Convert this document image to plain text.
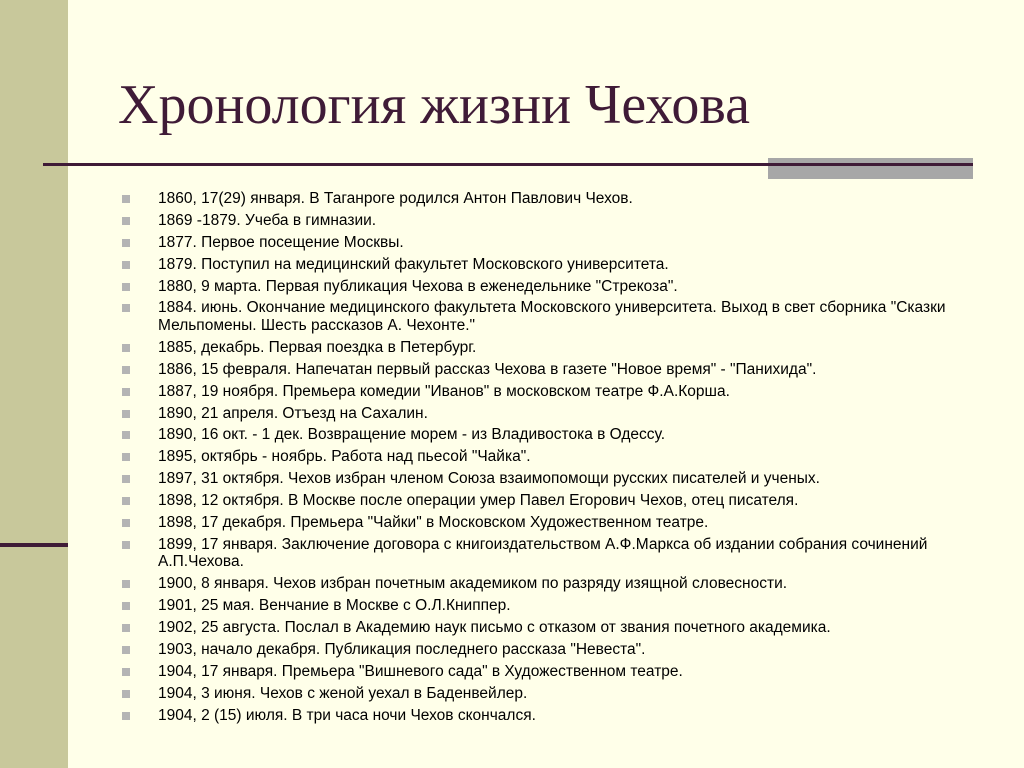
Хронология жизни Чехова
1860, 17(29) января. В Таганроге родился Антон Павлович Чехов.
1869 -1879. Учеба в гимназии.
1877. Первое посещение Москвы.
1879. Поступил на медицинский факультет Московского университета.
1880, 9 марта. Первая публикация Чехова в еженедельнике "Стрекоза".
1884. июнь. Окончание медицинского факультета Московского университета. Выход в свет сборника "Сказки Мельпомены. Шесть рассказов А. Чехонте."
1885, декабрь. Первая поездка в Петербург.
1886, 15 февраля. Напечатан первый рассказ Чехова в газете "Новое время" - "Панихида".
1887, 19 ноября. Премьера комедии "Иванов" в московском театре Ф.А.Корша.
1890, 21 апреля. Отъезд на Сахалин.
1890, 16 окт. - 1 дек. Возвращение морем - из Владивостока в Одессу.
1895, октябрь - ноябрь. Работа над пьесой "Чайка".
1897, 31 октября. Чехов избран членом Союза взаимопомощи русских писателей и ученых.
1898, 12 октября. В Москве после операции умер Павел Егорович Чехов, отец писателя.
1898, 17 декабря. Премьера "Чайки" в Московском Художественном театре.
1899, 17 января. Заключение договора с книгоиздательством А.Ф.Маркса об издании собрания сочинений А.П.Чехова.
1900, 8 января. Чехов избран почетным академиком по разряду изящной словесности.
1901, 25 мая. Венчание в Москве с О.Л.Книппер.
1902, 25 августа. Послал в Академию наук письмо с отказом от звания почетного академика.
1903, начало декабря. Публикация последнего рассказа "Невеста".
1904, 17 января. Премьера "Вишневого сада" в Художественном театре.
1904, 3 июня. Чехов с женой уехал в Баденвейлер.
1904, 2 (15) июля. В три часа ночи Чехов скончался.
